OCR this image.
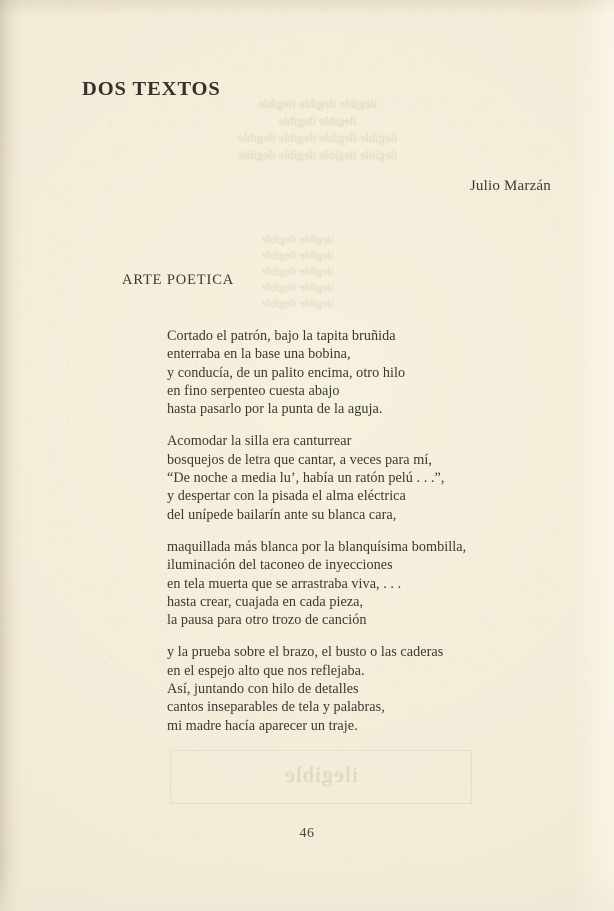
ilegible ilegible ilegible
ilegible ilegible
ilegible ilegible ilegible ilegible
ilegible ilegible ilegible ilegible
ilegible ilegible
ilegible ilegible
ilegible ilegible
ilegible ilegible
ilegible ilegible
ilegible
DOS TEXTOS
Julio Marzán
ARTE POETICA

Cortado el patrón, bajo la tapita bruñida
enterraba en la base una bobina,
y conducía, de un palito encima, otro hilo
en fino serpenteo cuesta abajo
hasta pasarlo por la punta de la aguja.

Acomodar la silla era canturrear
bosquejos de letra que cantar, a veces para mí,
“De noche a media lu’, había un ratón pelú . . .”,
y despertar con la pisada el alma eléctrica
del unípede bailarín ante su blanca cara,

maquillada más blanca por la blanquísima bombilla,
iluminación del taconeo de inyecciones
en tela muerta que se arrastraba viva, . . .
hasta crear, cuajada en cada pieza,
la pausa para otro trozo de canción

y la prueba sobre el brazo, el busto o las caderas
en el espejo alto que nos reflejaba.
Así, juntando con hilo de detalles
cantos inseparables de tela y palabras,
mi madre hacía aparecer un traje.

46
